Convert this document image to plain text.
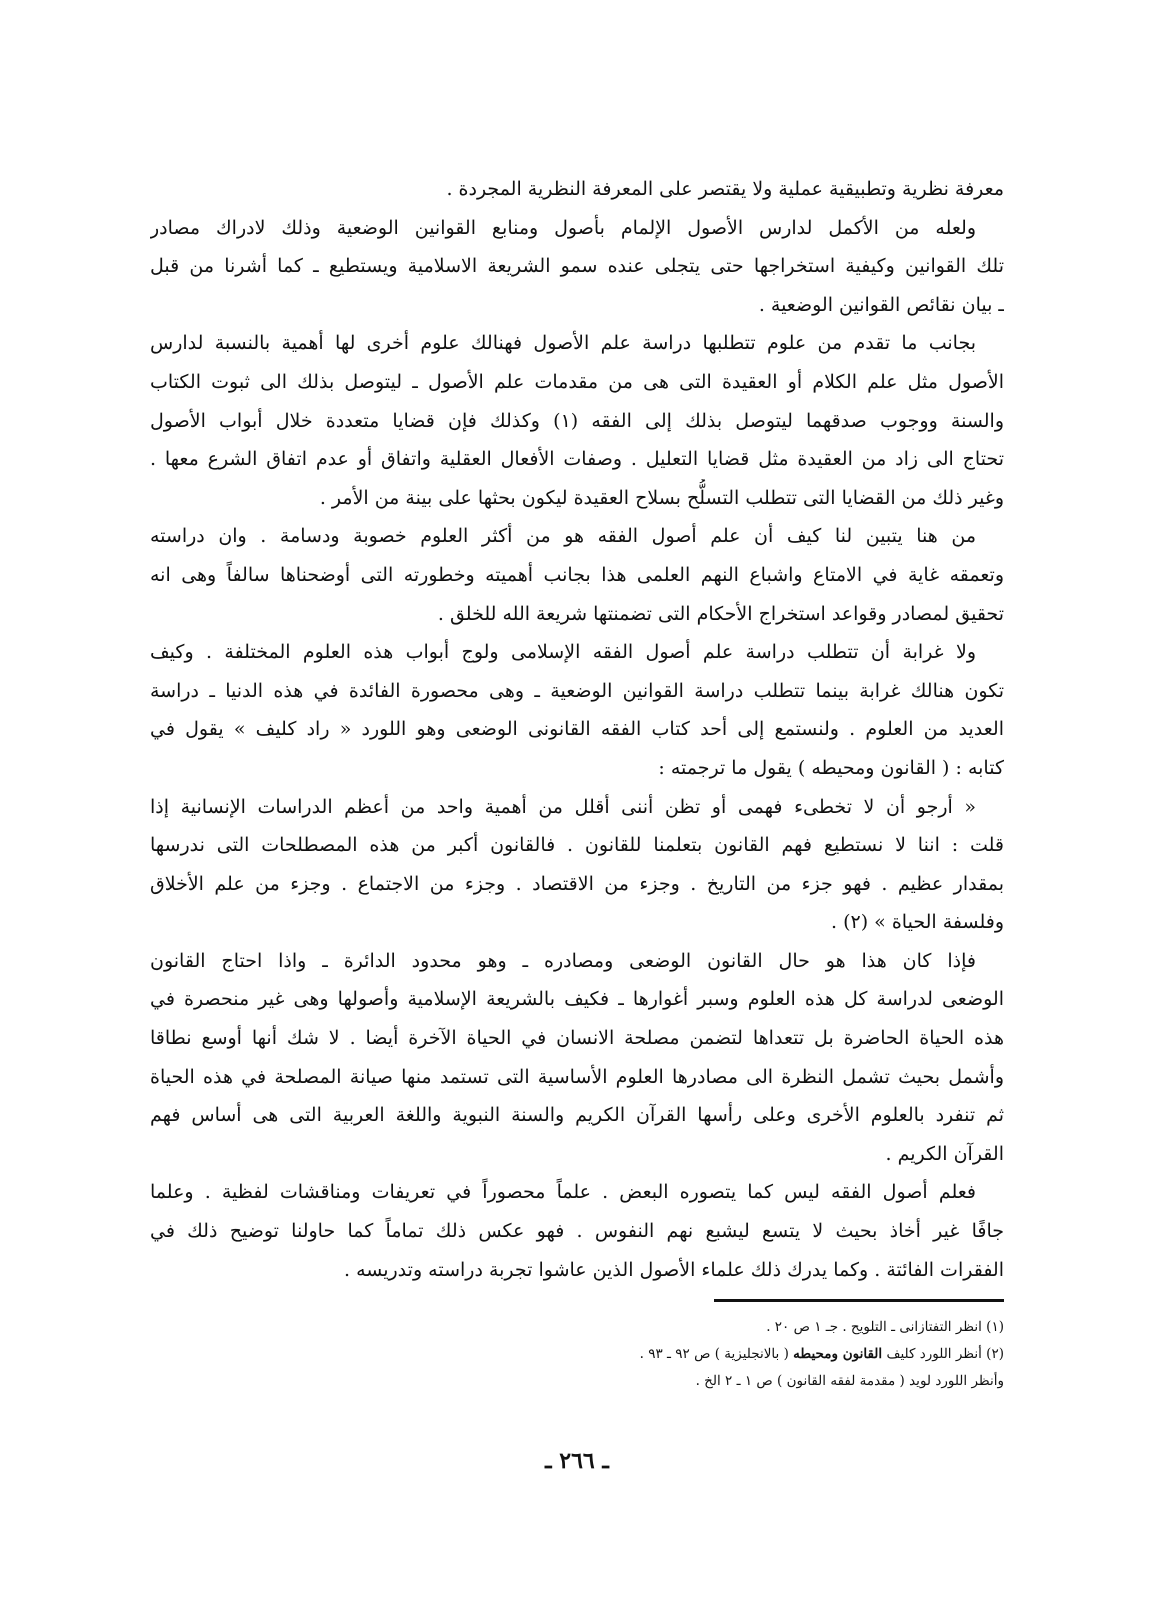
معرفة نظرية وتطبيقية عملية ولا يقتصر على المعرفة النظرية المجردة .
ولعله من الأكمل لدارس الأصول الإلمام بأصول ومنابع القوانين الوضعية وذلك لادراك مصادر
تلك القوانين وكيفية استخراجها حتى يتجلى عنده سمو الشريعة الاسلامية ويستطيع ـ كما أشرنا من قبل
ـ بيان نقائص القوانين الوضعية .
بجانب ما تقدم من علوم تتطلبها دراسة علم الأصول فهنالك علوم أخرى لها أهمية بالنسبة لدارس
الأصول مثل علم الكلام أو العقيدة التى هى من مقدمات علم الأصول ـ ليتوصل بذلك الى ثبوت الكتاب
والسنة ووجوب صدقهما ليتوصل بذلك إلى الفقه (١) وكذلك فإن قضايا متعددة خلال أبواب الأصول
تحتاج الى زاد من العقيدة مثل قضايا التعليل . وصفات الأفعال العقلية واتفاق أو عدم اتفاق الشرع معها .
وغير ذلك من القضايا التى تتطلب التسلُّح بسلاح العقيدة ليكون بحثها على بينة من الأمر .
من هنا يتبين لنا كيف أن علم أصول الفقه هو من أكثر العلوم خصوبة ودسامة . وان دراسته
وتعمقه غاية في الامتاع واشباع النهم العلمى هذا بجانب أهميته وخطورته التى أوضحناها سالفاً وهى انه
تحقيق لمصادر وقواعد استخراج الأحكام التى تضمنتها شريعة الله للخلق .
ولا غرابة أن تتطلب دراسة علم أصول الفقه الإسلامى ولوج أبواب هذه العلوم المختلفة . وكيف
تكون هنالك غرابة بينما تتطلب دراسة القوانين الوضعية ـ وهى محصورة الفائدة في هذه الدنيا ـ دراسة
العديد من العلوم . ولنستمع إلى أحد كتاب الفقه القانونى الوضعى وهو اللورد « راد كليف » يقول في
كتابه : ( القانون ومحيطه ) يقول ما ترجمته :
« أرجو أن لا تخطىء فهمى أو تظن أننى أقلل من أهمية واحد من أعظم الدراسات الإنسانية إذا
قلت : اننا لا نستطيع فهم القانون بتعلمنا للقانون . فالقانون أكبر من هذه المصطلحات التى ندرسها
بمقدار عظيم . فهو جزء من التاريخ . وجزء من الاقتصاد . وجزء من الاجتماع . وجزء من علم الأخلاق
وفلسفة الحياة » (٢) .
فإذا كان هذا هو حال القانون الوضعى ومصادره ـ وهو محدود الدائرة ـ واذا احتاج القانون
الوضعى لدراسة كل هذه العلوم وسبر أغوارها ـ فكيف بالشريعة الإسلامية وأصولها وهى غير منحصرة في
هذه الحياة الحاضرة بل تتعداها لتضمن مصلحة الانسان في الحياة الآخرة أيضا . لا شك أنها أوسع نطاقا
وأشمل بحيث تشمل النظرة الى مصادرها العلوم الأساسية التى تستمد منها صيانة المصلحة في هذه الحياة
ثم تنفرد بالعلوم الأخرى وعلى رأسها القرآن الكريم والسنة النبوية واللغة العربية التى هى أساس فهم
القرآن الكريم .
فعلم أصول الفقه ليس كما يتصوره البعض . علماً محصوراً في تعريفات ومناقشات لفظية . وعلما
جافًا غير أخاذ بحيث لا يتسع ليشبع نهم النفوس . فهو عكس ذلك تماماً كما حاولنا توضيح ذلك في
الفقرات الفائتة . وكما يدرك ذلك علماء الأصول الذين عاشوا تجربة دراسته وتدريسه .
(١) انظر التفتازانى ـ التلويح . جـ ١ ص ٢٠ .
(٢) أنظر اللورد كليف القانون ومحيطه ( بالانجليزية ) ص ٩٢ ـ ٩٣ .
وأنظر اللورد لويد ( مقدمة لفقه القانون ) ص ١ ـ ٢ الخ .
ـ ٢٦٦ ـ
